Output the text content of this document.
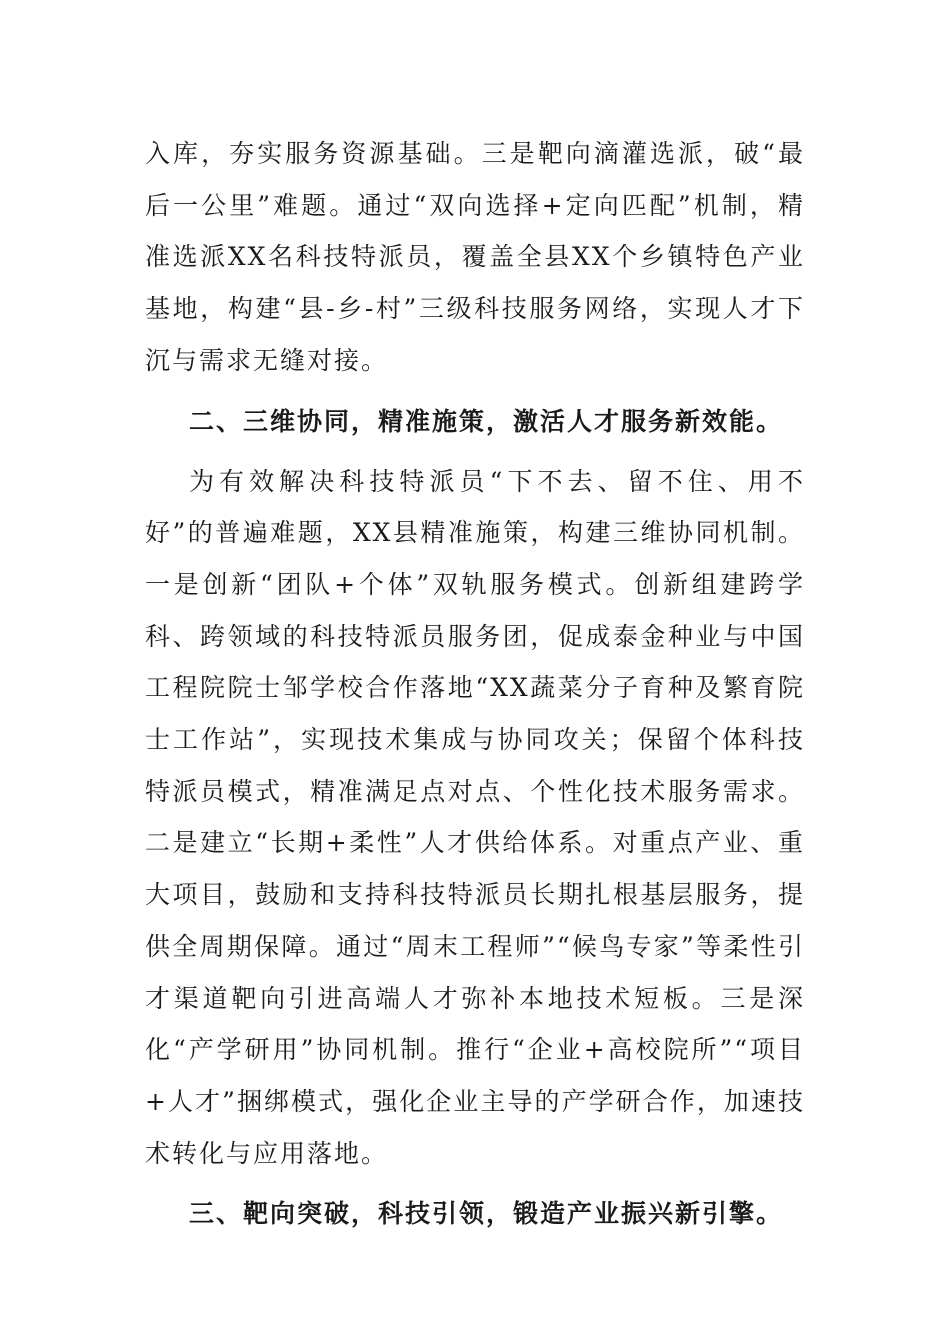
入库，夯实服务资源基础。三是靶向滴灌选派，破“最后一公里”难题。通过“双向选择+定向匹配”机制，精准选派XX名科技特派员，覆盖全县XX个乡镇特色产业基地，构建“县-乡-村”三级科技服务网络，实现人才下沉与需求无缝对接。

二、三维协同，精准施策，激活人才服务新效能。

为有效解决科技特派员“下不去、留不住、用不好”的普遍难题，XX县精准施策，构建三维协同机制。一是创新“团队+个体”双轨服务模式。创新组建跨学科、跨领域的科技特派员服务团，促成泰金种业与中国工程院院士邹学校合作落地“XX蔬菜分子育种及繁育院士工作站”，实现技术集成与协同攻关；保留个体科技特派员模式，精准满足点对点、个性化技术服务需求。二是建立“长期+柔性”人才供给体系。对重点产业、重大项目，鼓励和支持科技特派员长期扎根基层服务，提供全周期保障。通过“周末工程师”“候鸟专家”等柔性引才渠道靶向引进高端人才弥补本地技术短板。三是深化“产学研用”协同机制。推行“企业+高校院所”“项目+人才”捆绑模式，强化企业主导的产学研合作，加速技术转化与应用落地。

三、靶向突破，科技引领，锻造产业振兴新引擎。
